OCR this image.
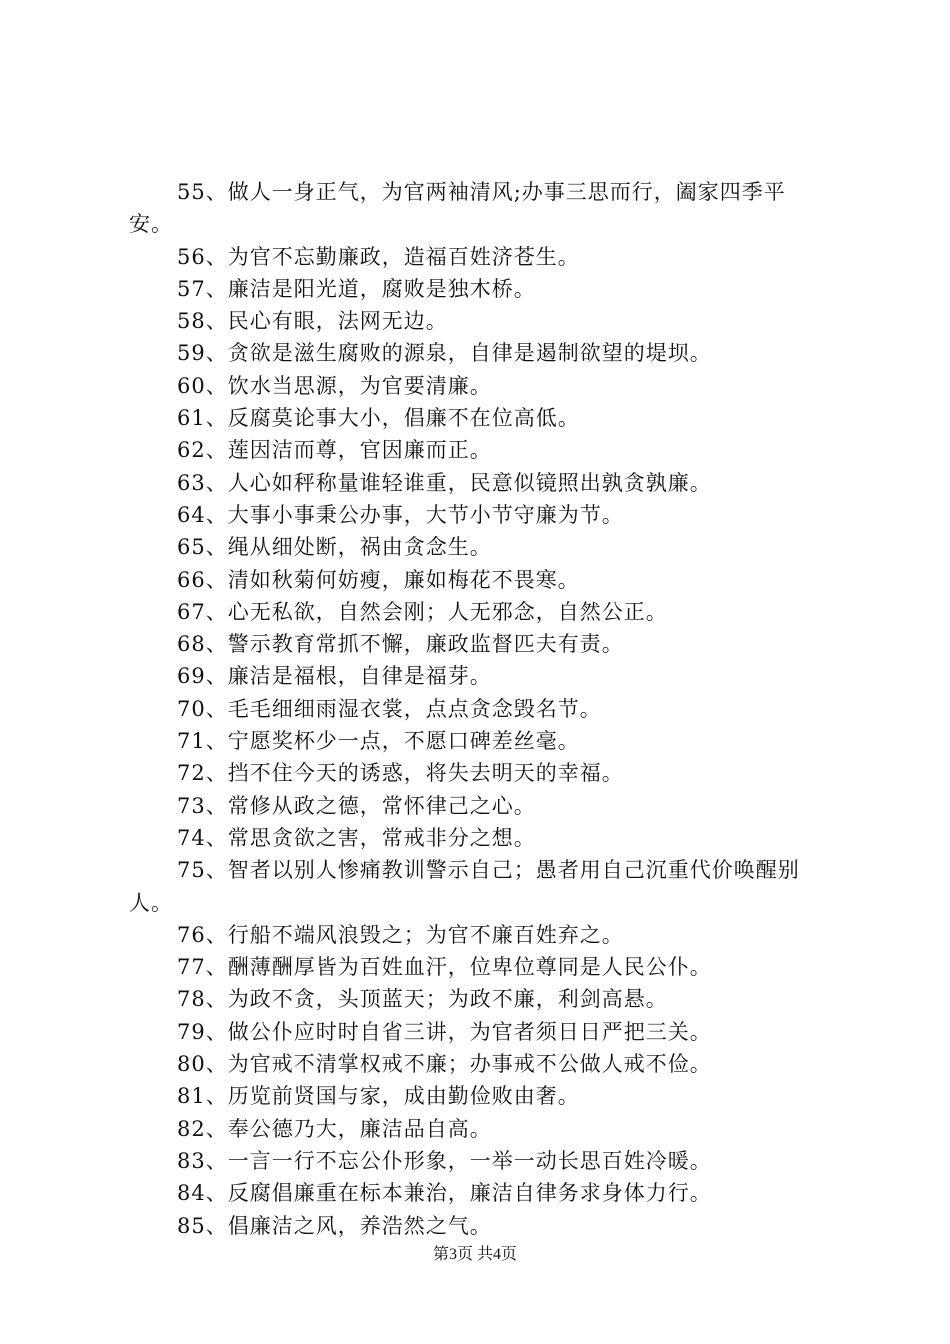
55、做人一身正气，为官两袖清风;办事三思而行，阖家四季平安。

56、为官不忘勤廉政，造福百姓济苍生。

57、廉洁是阳光道，腐败是独木桥。

58、民心有眼，法网无边。

59、贪欲是滋生腐败的源泉，自律是遏制欲望的堤坝。

60、饮水当思源，为官要清廉。

61、反腐莫论事大小，倡廉不在位高低。

62、莲因洁而尊，官因廉而正。

63、人心如秤称量谁轻谁重，民意似镜照出孰贪孰廉。

64、大事小事秉公办事，大节小节守廉为节。

65、绳从细处断，祸由贪念生。

66、清如秋菊何妨瘦，廉如梅花不畏寒。

67、心无私欲，自然会刚；人无邪念，自然公正。

68、警示教育常抓不懈，廉政监督匹夫有责。

69、廉洁是福根，自律是福芽。

70、毛毛细细雨湿衣裳，点点贪念毁名节。

71、宁愿奖杯少一点，不愿口碑差丝毫。

72、挡不住今天的诱惑，将失去明天的幸福。

73、常修从政之德，常怀律己之心。

74、常思贪欲之害，常戒非分之想。

75、智者以别人惨痛教训警示自己；愚者用自己沉重代价唤醒别人。

76、行船不端风浪毁之；为官不廉百姓弃之。

77、酬薄酬厚皆为百姓血汗，位卑位尊同是人民公仆。

78、为政不贪，头顶蓝天；为政不廉，利剑高悬。

79、做公仆应时时自省三讲，为官者须日日严把三关。

80、为官戒不清掌权戒不廉；办事戒不公做人戒不俭。

81、历览前贤国与家，成由勤俭败由奢。

82、奉公德乃大，廉洁品自高。

83、一言一行不忘公仆形象，一举一动长思百姓冷暖。

84、反腐倡廉重在标本兼治，廉洁自律务求身体力行。

85、倡廉洁之风，养浩然之气。

第3页 共4页
